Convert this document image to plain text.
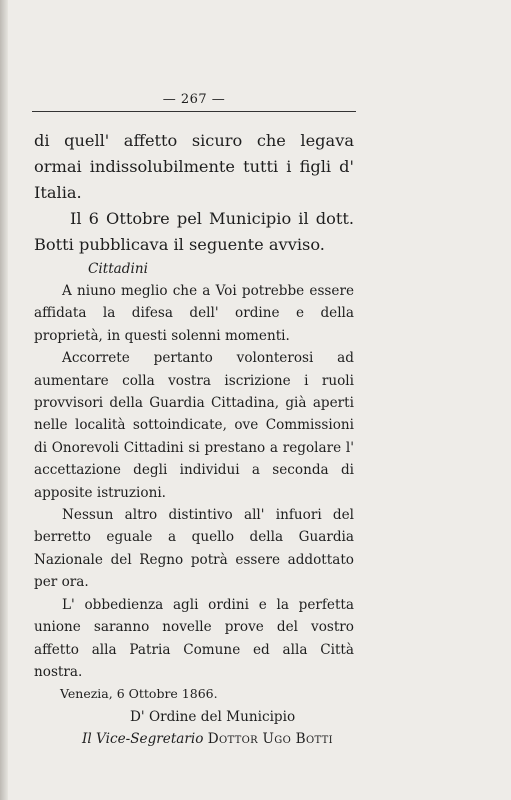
— 267 —

di quell' affetto sicuro che legava ormai indissolubilmente tutti i figli d' Italia.

Il 6 Ottobre pel Municipio il dott. Botti pubblicava il seguente avviso.

Cittadini

A niuno meglio che a Voi potrebbe essere affidata la difesa dell' ordine e della proprietà, in questi solenni momenti.

Accorrete pertanto volonterosi ad aumentare colla vostra iscrizione i ruoli provvisori della Guardia Cittadina, già aperti nelle località sottoindicate, ove Commissioni di Onorevoli Cittadini si prestano a regolare l' accettazione degli individui a seconda di apposite istruzioni.

Nessun altro distintivo all' infuori del berretto eguale a quello della Guardia Nazionale del Regno potrà essere addottato per ora.

L' obbedienza agli ordini e la perfetta unione saranno novelle prove del vostro affetto alla Patria Comune ed alla Città nostra.

Venezia, 6 Ottobre 1866.

D' Ordine del Municipio

Il Vice-Segretario Dottor Ugo Botti
